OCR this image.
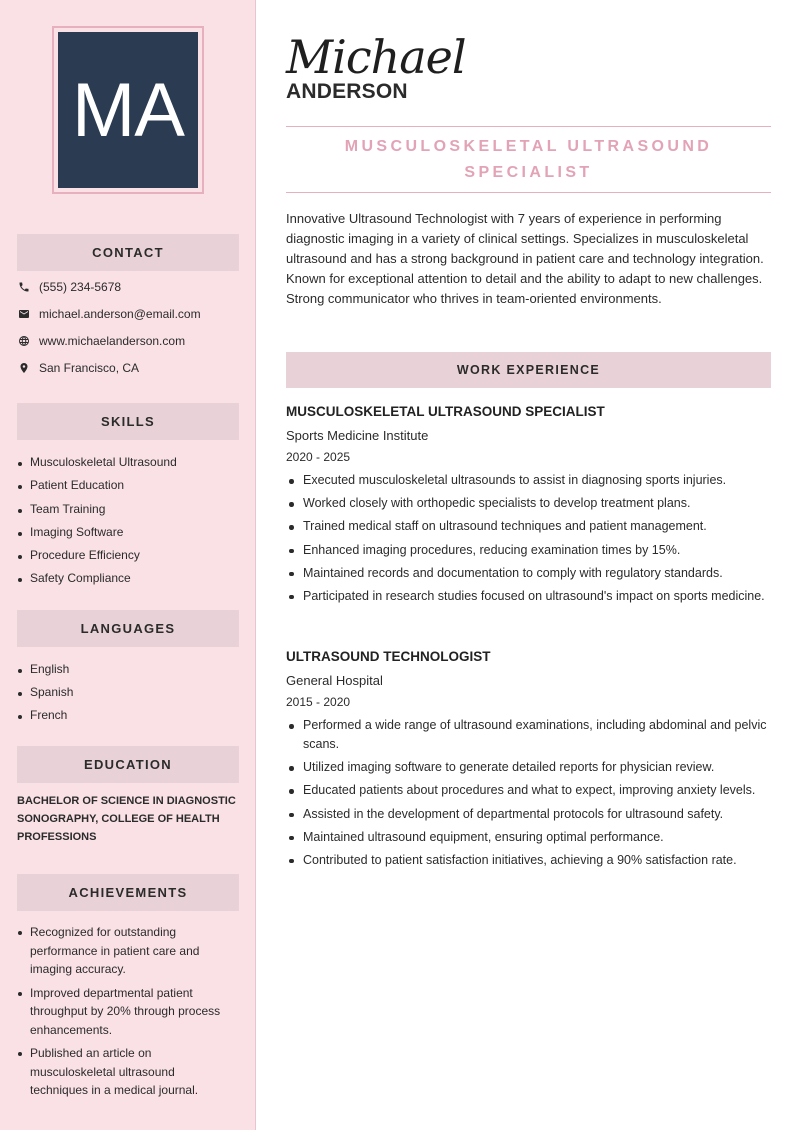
MA
CONTACT
(555) 234-5678
michael.anderson@email.com
www.michaelanderson.com
San Francisco, CA
SKILLS
Musculoskeletal Ultrasound
Patient Education
Team Training
Imaging Software
Procedure Efficiency
Safety Compliance
LANGUAGES
English
Spanish
French
EDUCATION
BACHELOR OF SCIENCE IN DIAGNOSTIC SONOGRAPHY, COLLEGE OF HEALTH PROFESSIONS
ACHIEVEMENTS
Recognized for outstanding performance in patient care and imaging accuracy.
Improved departmental patient throughput by 20% through process enhancements.
Published an article on musculoskeletal ultrasound techniques in a medical journal.
Michael
ANDERSON
MUSCULOSKELETAL ULTRASOUND
SPECIALIST
Innovative Ultrasound Technologist with 7 years of experience in performing diagnostic imaging in a variety of clinical settings. Specializes in musculoskeletal ultrasound and has a strong background in patient care and technology integration. Known for exceptional attention to detail and the ability to adapt to new challenges. Strong communicator who thrives in team-oriented environments.
WORK EXPERIENCE
MUSCULOSKELETAL ULTRASOUND SPECIALIST
Sports Medicine Institute
2020 - 2025
Executed musculoskeletal ultrasounds to assist in diagnosing sports injuries.
Worked closely with orthopedic specialists to develop treatment plans.
Trained medical staff on ultrasound techniques and patient management.
Enhanced imaging procedures, reducing examination times by 15%.
Maintained records and documentation to comply with regulatory standards.
Participated in research studies focused on ultrasound's impact on sports medicine.
ULTRASOUND TECHNOLOGIST
General Hospital
2015 - 2020
Performed a wide range of ultrasound examinations, including abdominal and pelvic scans.
Utilized imaging software to generate detailed reports for physician review.
Educated patients about procedures and what to expect, improving anxiety levels.
Assisted in the development of departmental protocols for ultrasound safety.
Maintained ultrasound equipment, ensuring optimal performance.
Contributed to patient satisfaction initiatives, achieving a 90% satisfaction rate.
